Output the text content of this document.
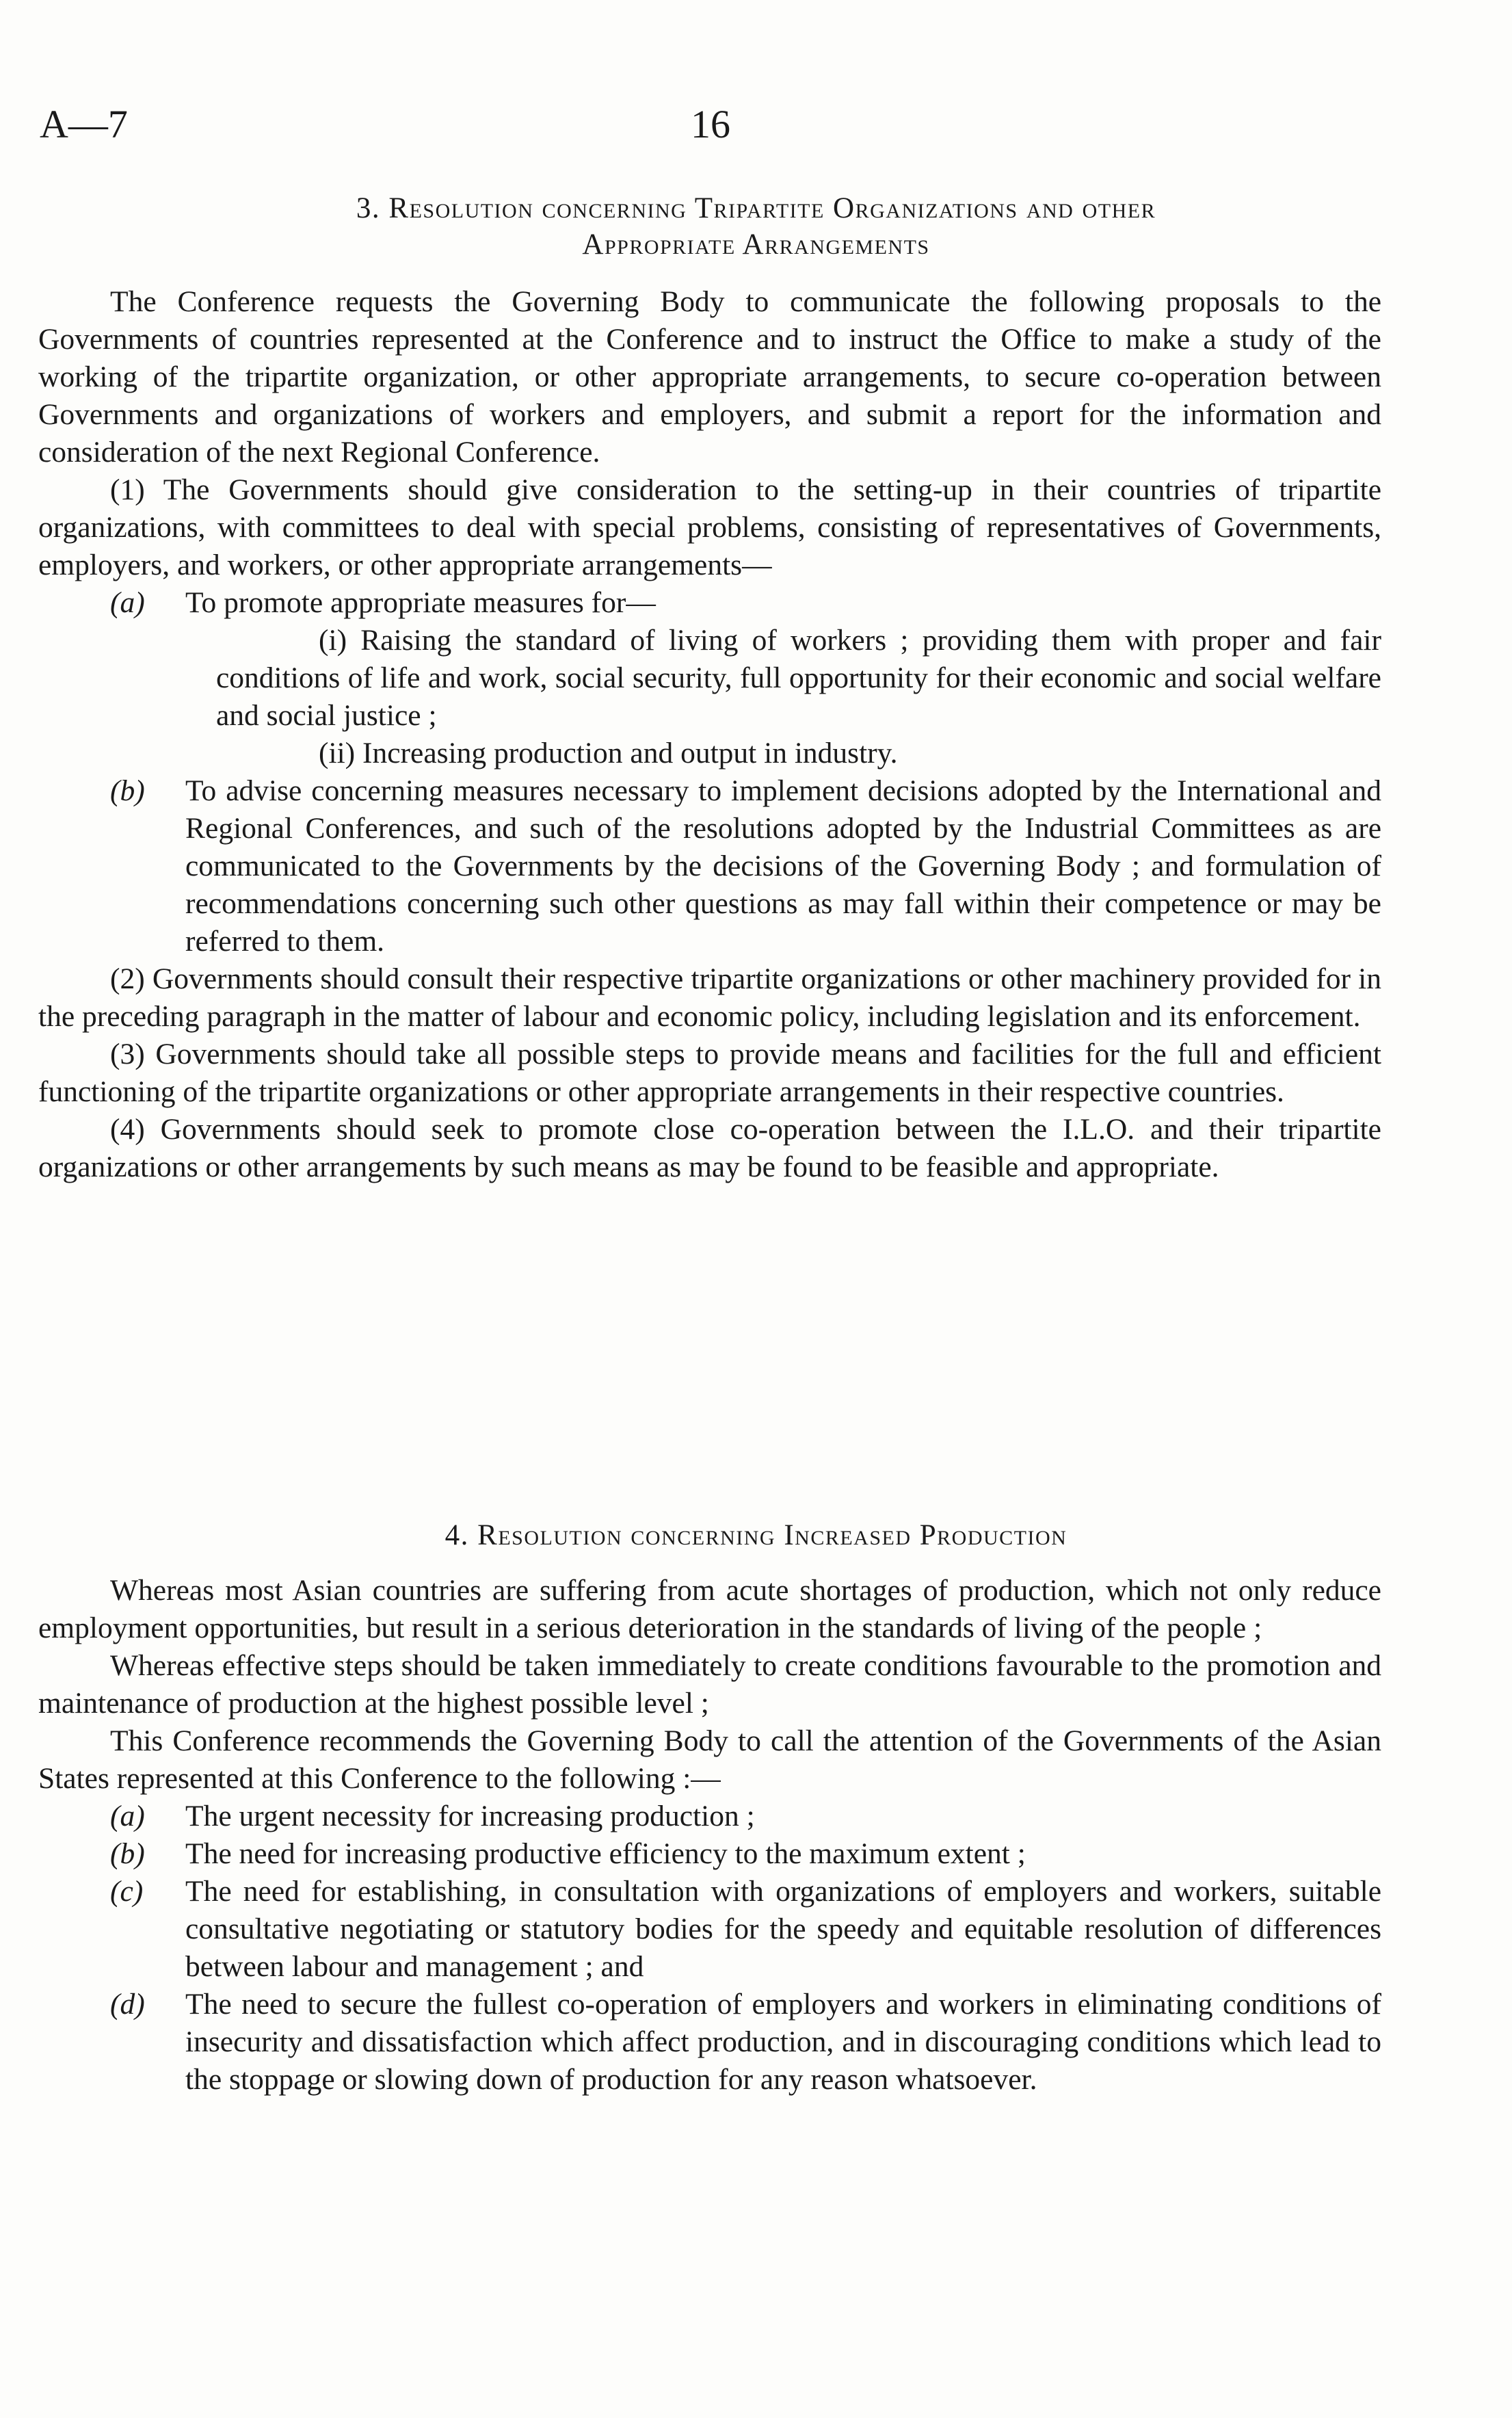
A—7	16
3. Resolution concerning Tripartite Organizations and other
Appropriate Arrangements

The Conference requests the Governing Body to communicate the following proposals to the Governments of countries represented at the Conference and to instruct the Office to make a study of the working of the tripartite organization, or other appropriate arrangements, to secure co-operation between Governments and organizations of workers and employers, and submit a report for the information and consideration of the next Regional Conference.

(1) The Governments should give consideration to the setting-up in their countries of tripartite organizations, with committees to deal with special problems, consisting of representatives of Governments, employers, and workers, or other appropriate arrangements—

(a)	To promote appropriate measures for—

(i) Raising the standard of living of workers ; providing them with proper and fair conditions of life and work, social security, full opportunity for their economic and social welfare and social justice ;

(ii) Increasing production and output in industry.

(b)	To advise concerning measures necessary to implement decisions adopted by the International and Regional Conferences, and such of the resolutions adopted by the Industrial Committees as are communicated to the Governments by the decisions of the Governing Body ; and formulation of recommendations concerning such other questions as may fall within their competence or may be referred to them.

(2) Governments should consult their respective tripartite organizations or other machinery provided for in the preceding paragraph in the matter of labour and economic policy, including legislation and its enforcement.

(3) Governments should take all possible steps to provide means and facilities for the full and efficient functioning of the tripartite organizations or other appropriate arrangements in their respective countries.

(4) Governments should seek to promote close co-operation between the I.L.O. and their tripartite organizations or other arrangements by such means as may be found to be feasible and appropriate.

4. Resolution concerning Increased Production

Whereas most Asian countries are suffering from acute shortages of production, which not only reduce employment opportunities, but result in a serious deterioration in the standards of living of the people ;

Whereas effective steps should be taken immediately to create conditions favourable to the promotion and maintenance of production at the highest possible level ;

This Conference recommends the Governing Body to call the attention of the Governments of the Asian States represented at this Conference to the following :—

(a)	The urgent necessity for increasing production ;
(b)	The need for increasing productive efficiency to the maximum extent ;
(c)	The need for establishing, in consultation with organizations of employers and workers, suitable consultative negotiating or statutory bodies for the speedy and equitable resolution of differences between labour and management ; and
(d)	The need to secure the fullest co-operation of employers and workers in eliminating conditions of insecurity and dissatisfaction which affect production, and in discouraging conditions which lead to the stoppage or slowing down of production for any reason whatsoever.
